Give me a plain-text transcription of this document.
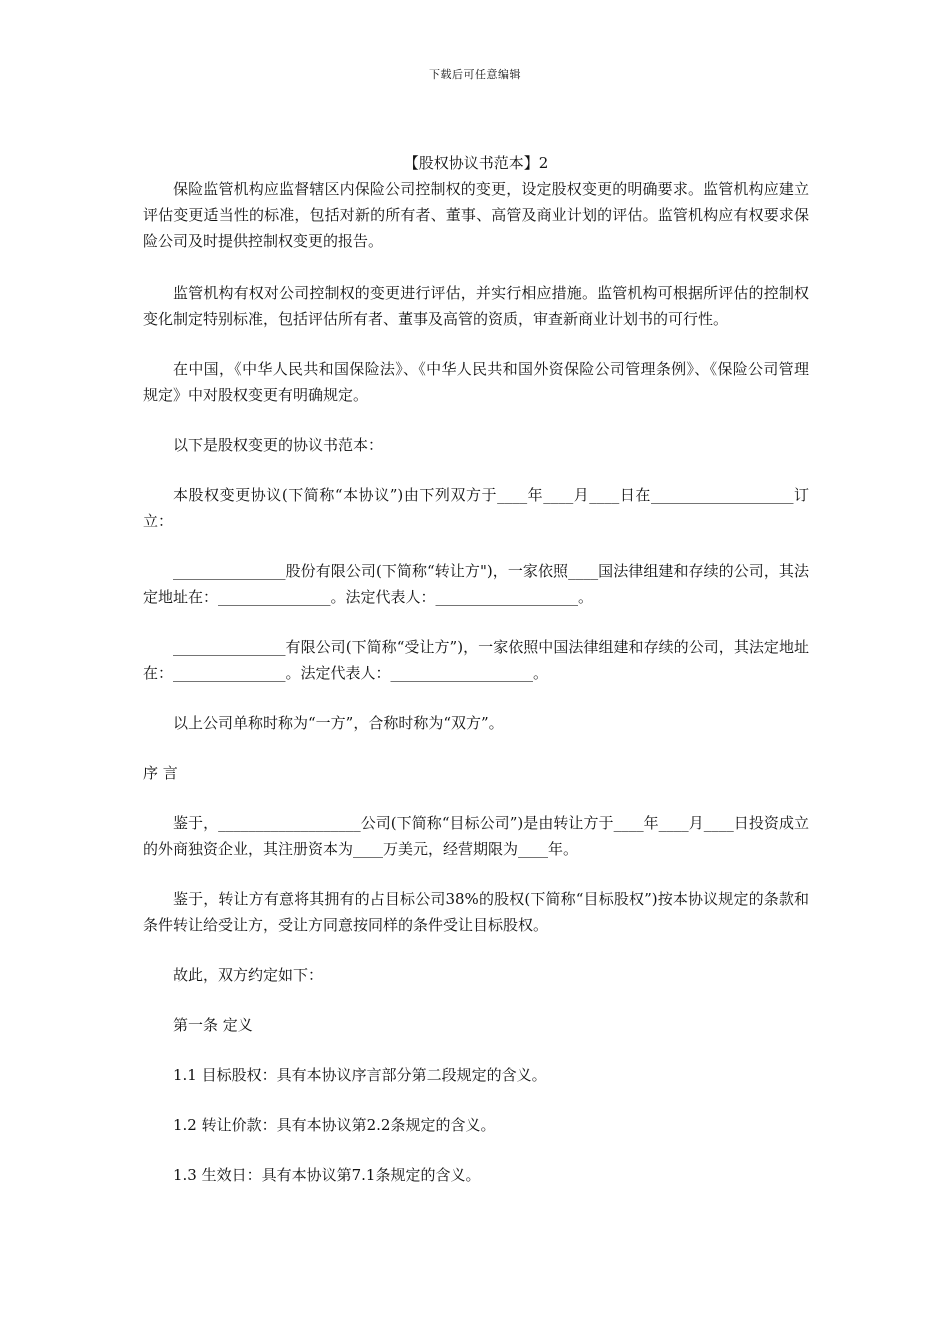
下载后可任意编辑
【股权协议书范本】2

保险监管机构应监督辖区内保险公司控制权的变更，设定股权变更的明确要求。监管机构应建立评估变更适当性的标准，包括对新的所有者、董事、高管及商业计划的评估。监管机构应有权要求保险公司及时提供控制权变更的报告。

监管机构有权对公司控制权的变更进行评估，并实行相应措施。监管机构可根据所评估的控制权变化制定特别标准，包括评估所有者、董事及高管的资质，审查新商业计划书的可行性。

在中国，《中华人民共和国保险法》、《中华人民共和国外资保险公司管理条例》、《保险公司管理规定》中对股权变更有明确规定。

以下是股权变更的协议书范本：

本股权变更协议(下简称“本协议”)由下列双方于____年____月____日在___________________订立：

_______________股份有限公司(下简称“转让方")，一家依照____国法律组建和存续的公司，其法定地址在：_______________。法定代表人：___________________。

_______________有限公司(下简称“受让方”)，一家依照中国法律组建和存续的公司，其法定地址在：_______________。法定代表人：___________________。

以上公司单称时称为“一方”，合称时称为“双方”。

序 言

鉴于，___________________公司(下简称“目标公司”)是由转让方于____年____月____日投资成立的外商独资企业，其注册资本为____万美元，经营期限为____年。

鉴于，转让方有意将其拥有的占目标公司38%的股权(下简称“目标股权”)按本协议规定的条款和条件转让给受让方，受让方同意按同样的条件受让目标股权。

故此，双方约定如下：

第一条 定义

1.1 目标股权：具有本协议序言部分第二段规定的含义。

1.2 转让价款：具有本协议第2.2条规定的含义。

1.3 生效日：具有本协议第7.1条规定的含义。
